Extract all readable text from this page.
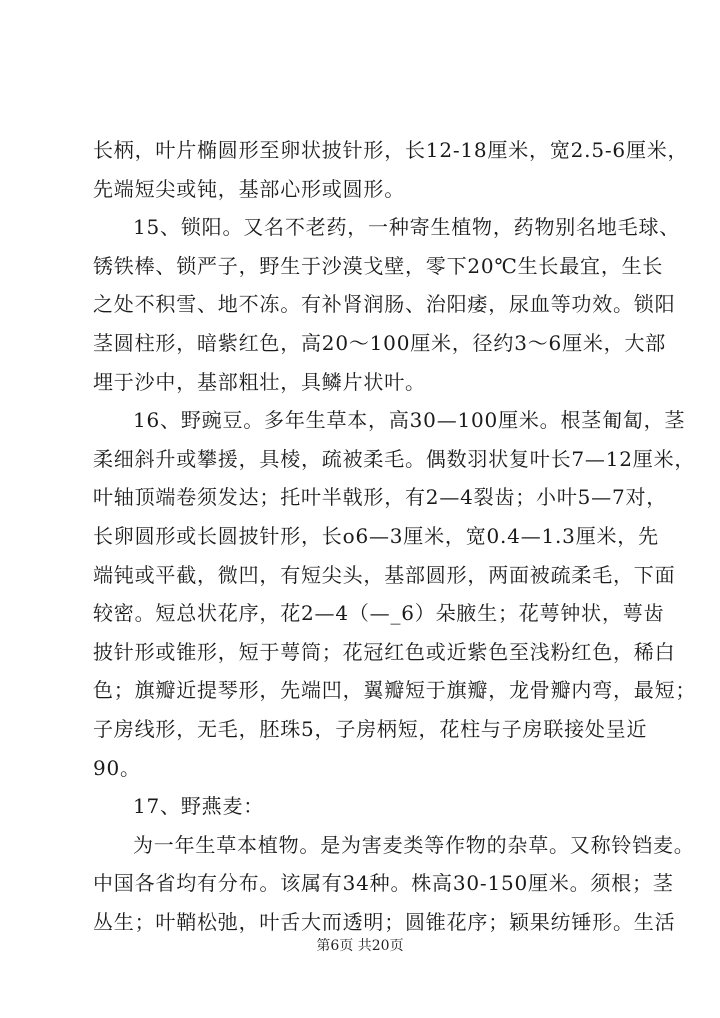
长柄，叶片椭圆形至卵状披针形，长12-18厘米，宽2.5-6厘米，
先端短尖或钝，基部心形或圆形。
15、锁阳。又名不老药，一种寄生植物，药物别名地毛球、
锈铁棒、锁严子，野生于沙漠戈壁，零下20℃生长最宜，生长
之处不积雪、地不冻。有补肾润肠、治阳痿，尿血等功效。锁阳
茎圆柱形，暗紫红色，高20～100厘米，径约3～6厘米，大部
埋于沙中，基部粗壮，具鳞片状叶。
16、野豌豆。多年生草本，高30—100厘米。根茎匍匐，茎
柔细斜升或攀援，具棱，疏被柔毛。偶数羽状复叶长7—12厘米，
叶轴顶端卷须发达；托叶半戟形，有2—4裂齿；小叶5—7对，
长卵圆形或长圆披针形，长o6—3厘米，宽0.4—1.3厘米，先
端钝或平截，微凹，有短尖头，基部圆形，两面被疏柔毛，下面
较密。短总状花序，花2—4（—_6）朵腋生；花萼钟状，萼齿
披针形或锥形，短于萼筒；花冠红色或近紫色至浅粉红色，稀白
色；旗瓣近提琴形，先端凹，翼瓣短于旗瓣，龙骨瓣内弯，最短；
子房线形，无毛，胚珠5，子房柄短，花柱与子房联接处呈近
90。
17、野燕麦：
为一年生草本植物。是为害麦类等作物的杂草。又称铃铛麦。
中国各省均有分布。该属有34种。株高30-150厘米。须根；茎
丛生；叶鞘松弛，叶舌大而透明；圆锥花序；颖果纺锤形。生活
第6页 共20页
